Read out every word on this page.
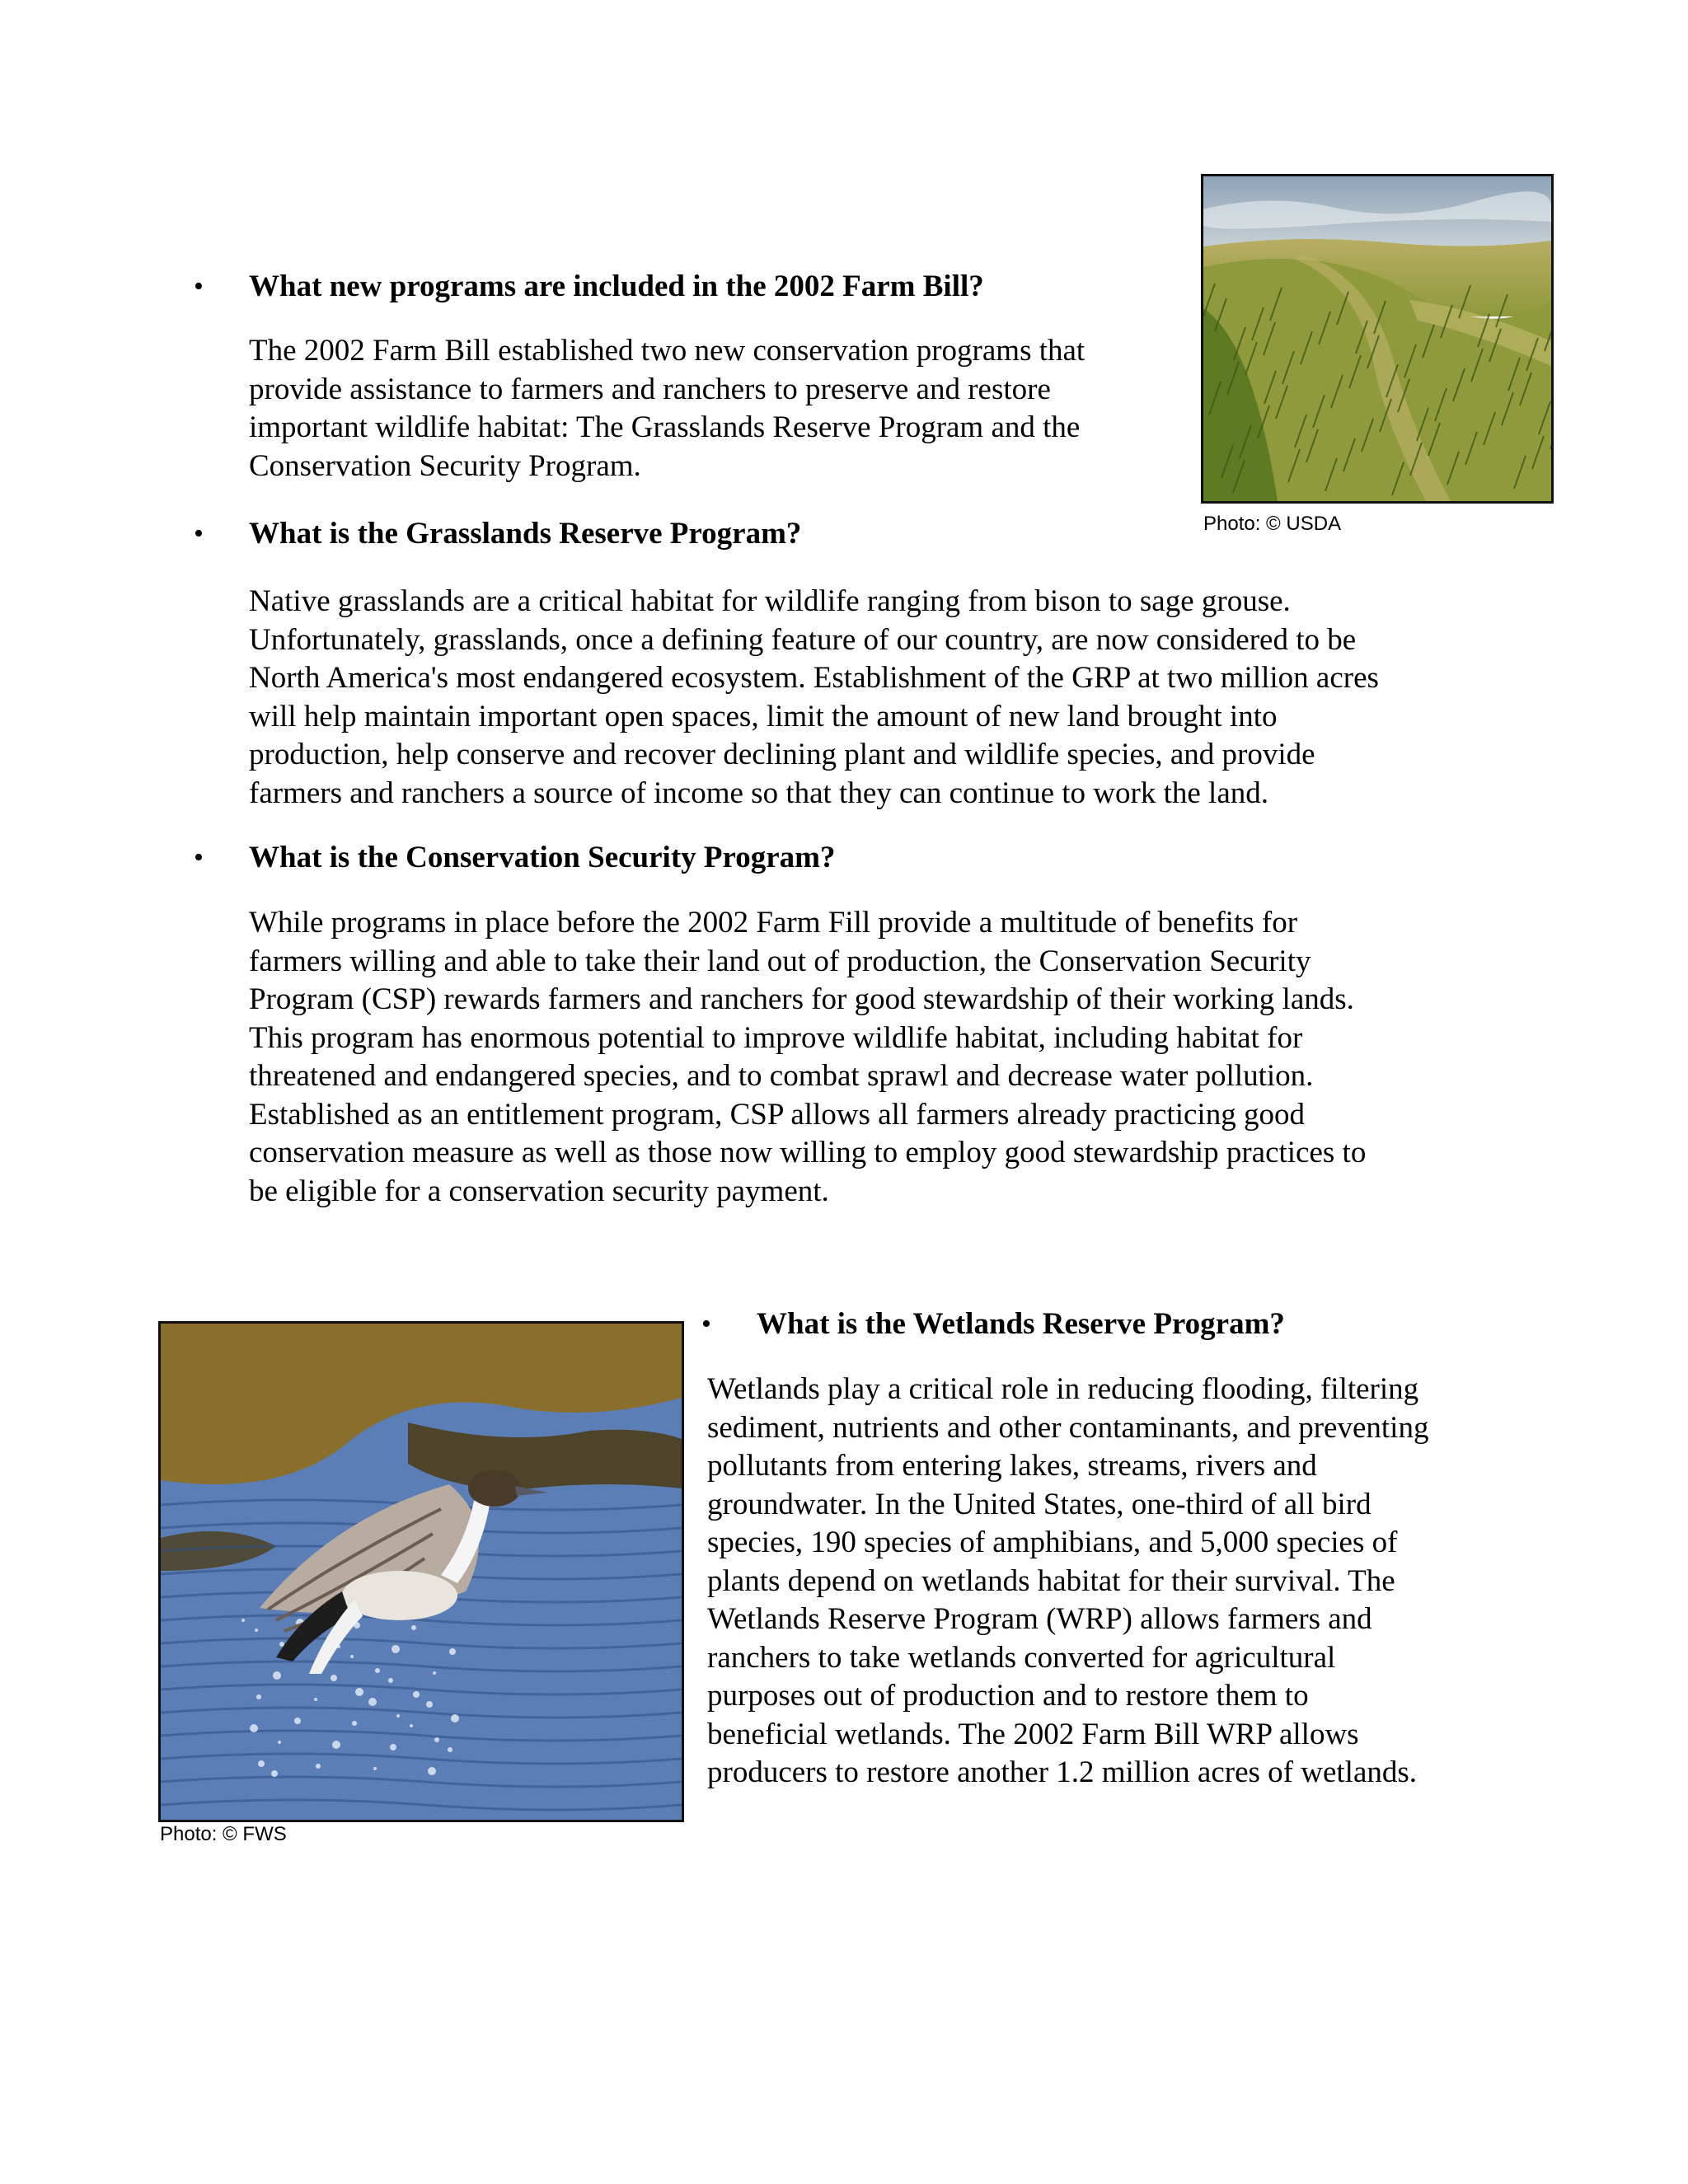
• What new programs are included in the 2002 Farm Bill?
The 2002 Farm Bill established two new conservation programs that
provide assistance to farmers and ranchers to preserve and restore
important wildlife habitat: The Grasslands Reserve Program and the
Conservation Security Program.
Photo: © USDA
• What is the Grasslands Reserve Program?
Native grasslands are a critical habitat for wildlife ranging from bison to sage grouse.
Unfortunately, grasslands, once a defining feature of our country, are now considered to be
North America's most endangered ecosystem. Establishment of the GRP at two million acres
will help maintain important open spaces, limit the amount of new land brought into
production, help conserve and recover declining plant and wildlife species, and provide
farmers and ranchers a source of income so that they can continue to work the land.
• What is the Conservation Security Program?
While programs in place before the 2002 Farm Fill provide a multitude of benefits for
farmers willing and able to take their land out of production, the Conservation Security
Program (CSP) rewards farmers and ranchers for good stewardship of their working lands.
This program has enormous potential to improve wildlife habitat, including habitat for
threatened and endangered species, and to combat sprawl and decrease water pollution.
Established as an entitlement program, CSP allows all farmers already practicing good
conservation measure as well as those now willing to employ good stewardship practices to
be eligible for a conservation security payment.
Photo: © FWS
• What is the Wetlands Reserve Program?
Wetlands play a critical role in reducing flooding, filtering
sediment, nutrients and other contaminants, and preventing
pollutants from entering lakes, streams, rivers and
groundwater. In the United States, one-third of all bird
species, 190 species of amphibians, and 5,000 species of
plants depend on wetlands habitat for their survival. The
Wetlands Reserve Program (WRP) allows farmers and
ranchers to take wetlands converted for agricultural
purposes out of production and to restore them to
beneficial wetlands. The 2002 Farm Bill WRP allows
producers to restore another 1.2 million acres of wetlands.
